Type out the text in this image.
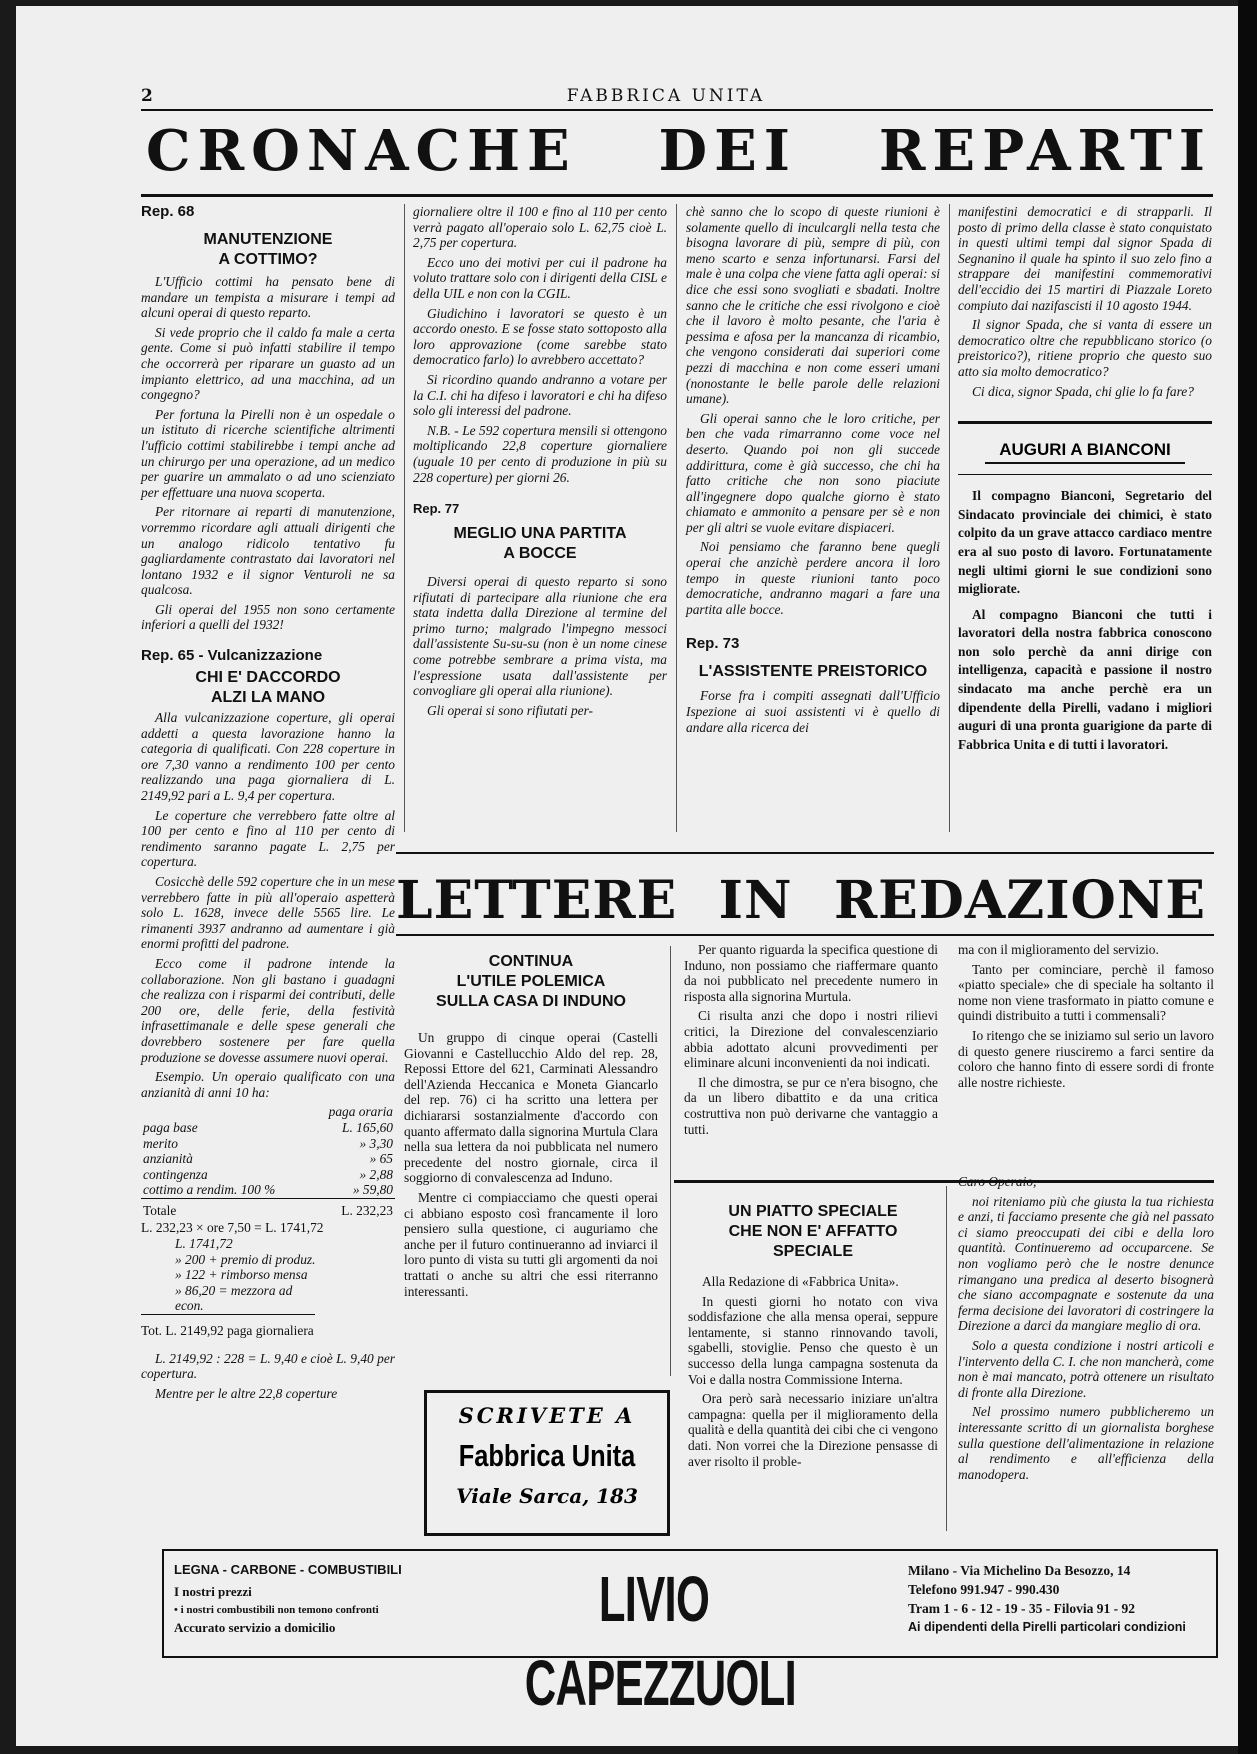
2	FABBRICA UNITA
CRONACHE DEI REPARTI
Rep. 68
MANUTENZIONE
A COTTIMO?

L'Ufficio cottimi ha pensato bene di mandare un tempista a misurare i tempi ad alcuni operai di questo reparto.

Si vede proprio che il caldo fa male a certa gente. Come si può infatti stabilire il tempo che occorrerà per riparare un guasto ad un impianto elettrico, ad una macchina, ad un congegno?

Per fortuna la Pirelli non è un ospedale o un istituto di ricerche scientifiche altrimenti l'ufficio cottimi stabilirebbe i tempi anche ad un chirurgo per una operazione, ad un medico per guarire un ammalato o ad uno scienziato per effettuare una nuova scoperta.

Per ritornare ai reparti di manutenzione, vorremmo ricordare agli attuali dirigenti che un analogo ridicolo tentativo fu gagliardamente contrastato dai lavoratori nel lontano 1932 e il signor Venturoli ne sa qualcosa.

Gli operai del 1955 non sono certamente inferiori a quelli del 1932!

Rep. 65 - Vulcanizzazione
CHI E' DACCORDO
ALZI LA MANO

Alla vulcanizzazione coperture, gli operai addetti a questa lavorazione hanno la categoria di qualificati. Con 228 coperture in ore 7,30 vanno a rendimento 100 per cento realizzando una paga giornaliera di L. 2149,92 pari a L. 9,4 per copertura.

Le coperture che verrebbero fatte oltre al 100 per cento e fino al 110 per cento di rendimento saranno pagate L. 2,75 per copertura.

Cosicchè delle 592 coperture che in un mese verrebbero fatte in più all'operaio aspetterà solo L. 1628, invece delle 5565 lire. Le rimanenti 3937 andranno ad aumentare i già enormi profitti del padrone.

Ecco come il padrone intende la collaborazione. Non gli bastano i guadagni che realizza con i risparmi dei contributi, delle 200 ore, delle ferie, della festività infrasettimanale e delle spese generali che dovrebbero sostenere per fare quella produzione se dovesse assumere nuovi operai.

Esempio. Un operaio qualificato con una anzianità di anni 10 ha:

	paga oraria
paga base	L. 165,60
merito	» 3,30
anzianità	» 65
contingenza	» 2,88
cottimo a rendim. 100 %	» 59,80
Totale	L. 232,23
L. 232,23 × ore 7,50 = L. 1741,72
L. 1741,72
» 200 + premio di produz.
» 122 + rimborso mensa
» 86,20 = mezzora ad econ.
Tot. L. 2149,92 paga giornaliera

L. 2149,92 : 228 = L. 9,40 e cioè L. 9,40 per copertura.

Mentre per le altre 22,8 coperture

giornaliere oltre il 100 e fino al 110 per cento verrà pagato all'operaio solo L. 62,75 cioè L. 2,75 per copertura.

Ecco uno dei motivi per cui il padrone ha voluto trattare solo con i dirigenti della CISL e della UIL e non con la CGIL.

Giudichino i lavoratori se questo è un accordo onesto. E se fosse stato sottoposto alla loro approvazione (come sarebbe stato democratico farlo) lo avrebbero accettato?

Si ricordino quando andranno a votare per la C.I. chi ha difeso i lavoratori e chi ha difeso solo gli interessi del padrone.

N.B. - Le 592 copertura mensili si ottengono moltiplicando 22,8 coperture giornaliere (uguale 10 per cento di produzione in più su 228 coperture) per giorni 26.

Rep. 77
MEGLIO UNA PARTITA
A BOCCE

Diversi operai di questo reparto si sono rifiutati di partecipare alla riunione che era stata indetta dalla Direzione al termine del primo turno; malgrado l'impegno messoci dall'assistente Su-su-su (non è un nome cinese come potrebbe sembrare a prima vista, ma l'espressione usata dall'assistente per convogliare gli operai alla riunione).

Gli operai si sono rifiutati per-

chè sanno che lo scopo di queste riunioni è solamente quello di inculcargli nella testa che bisogna lavorare di più, sempre di più, con meno scarto e senza infortunarsi. Farsi del male è una colpa che viene fatta agli operai: si dice che essi sono svogliati e sbadati. Inoltre sanno che le critiche che essi rivolgono e cioè che il lavoro è molto pesante, che l'aria è pessima e afosa per la mancanza di ricambio, che vengono considerati dai superiori come pezzi di macchina e non come esseri umani (nonostante le belle parole delle relazioni umane).

Gli operai sanno che le loro critiche, per ben che vada rimarranno come voce nel deserto. Quando poi non gli succede addirittura, come è già successo, che chi ha fatto critiche che non sono piaciute all'ingegnere dopo qualche giorno è stato chiamato e ammonito a pensare per sè e non per gli altri se vuole evitare dispiaceri.

Noi pensiamo che faranno bene quegli operai che anzichè perdere ancora il loro tempo in queste riunioni tanto poco democratiche, andranno magari a fare una partita alle bocce.

Rep. 73
L'ASSISTENTE PREISTORICO

Forse fra i compiti assegnati dall'Ufficio Ispezione ai suoi assistenti vi è quello di andare alla ricerca dei

manifestini democratici e di strapparli. Il posto di primo della classe è stato conquistato in questi ultimi tempi dal signor Spada di Segnanino il quale ha spinto il suo zelo fino a strappare dei manifestini commemorativi dell'eccidio dei 15 martiri di Piazzale Loreto compiuto dai nazifascisti il 10 agosto 1944.

Il signor Spada, che si vanta di essere un democratico oltre che repubblicano storico (o preistorico?), ritiene proprio che questo suo atto sia molto democratico?

Ci dica, signor Spada, chi glie lo fa fare?

AUGURI A BIANCONI

Il compagno Bianconi, Segretario del Sindacato provinciale dei chimici, è stato colpito da un grave attacco cardiaco mentre era al suo posto di lavoro. Fortunatamente negli ultimi giorni le sue condizioni sono migliorate.

Al compagno Bianconi che tutti i lavoratori della nostra fabbrica conoscono non solo perchè da anni dirige con intelligenza, capacità e passione il nostro sindacato ma anche perchè era un dipendente della Pirelli, vadano i migliori auguri di una pronta guarigione da parte di Fabbrica Unita e di tutti i lavoratori.

LETTERE IN REDAZIONE
CONTINUA
L'UTILE POLEMICA
SULLA CASA DI INDUNO

Un gruppo di cinque operai (Castelli Giovanni e Castellucchio Aldo del rep. 28, Repossi Ettore del 621, Carminati Alessandro dell'Azienda Heccanica e Moneta Giancarlo del rep. 76) ci ha scritto una lettera per dichiararsi sostanzialmente d'accordo con quanto affermato dalla signorina Murtula Clara nella sua lettera da noi pubblicata nel numero precedente del nostro giornale, circa il soggiorno di convalescenza ad Induno.

Mentre ci compiacciamo che questi operai ci abbiano esposto così francamente il loro pensiero sulla questione, ci auguriamo che anche per il futuro continueranno ad inviarci il loro punto di vista su tutti gli argomenti da noi trattati o anche su altri che essi riterranno interessanti.

Per quanto riguarda la specifica questione di Induno, non possiamo che riaffermare quanto da noi pubblicato nel precedente numero in risposta alla signorina Murtula.

Ci risulta anzi che dopo i nostri rilievi critici, la Direzione del convalescenziario abbia adottato alcuni provvedimenti per eliminare alcuni inconvenienti da noi indicati.

Il che dimostra, se pur ce n'era bisogno, che da un libero dibattito e da una critica costruttiva non può derivarne che vantaggio a tutti.

ma con il miglioramento del servizio.

Tanto per cominciare, perchè il famoso «piatto speciale» che di speciale ha soltanto il nome non viene trasformato in piatto comune e quindi distribuito a tutti i commensali?

Io ritengo che se iniziamo sul serio un lavoro di questo genere riusciremo a farci sentire da coloro che hanno finto di essere sordi di fronte alle nostre richieste.

UN PIATTO SPECIALE
CHE NON E' AFFATTO
SPECIALE

Alla Redazione di «Fabbrica Unita».

In questi giorni ho notato con viva soddisfazione che alla mensa operai, seppure lentamente, si stanno rinnovando tavoli, sgabelli, stoviglie. Penso che questo è un successo della lunga campagna sostenuta da Voi e dalla nostra Commissione Interna.

Ora però sarà necessario iniziare un'altra campagna: quella per il miglioramento della qualità e della quantità dei cibi che ci vengono dati. Non vorrei che la Direzione pensasse di aver risolto il proble-

Caro Operaio,

noi riteniamo più che giusta la tua richiesta e anzi, ti facciamo presente che già nel passato ci siamo preoccupati dei cibi e della loro quantità. Continueremo ad occuparcene. Se non vogliamo però che le nostre denunce rimangano una predica al deserto bisognerà che siano accompagnate e sostenute da una ferma decisione dei lavoratori di costringere la Direzione a darci da mangiare meglio di ora.

Solo a questa condizione i nostri articoli e l'intervento della C. I. che non mancherà, come non è mai mancato, potrà ottenere un risultato di fronte alla Direzione.

Nel prossimo numero pubblicheremo un interessante scritto di un giornalista borghese sulla questione dell'alimentazione in relazione al rendimento e all'efficienza della manodopera.

SCRIVETE A
Fabbrica Unita
Viale Sarca, 183
LEGNA - CARBONE - COMBUSTIBILI
I nostri prezzi
• i nostri combustibili non temono confronti
Accurato servizio a domicilio	LIVIO CAPEZZUOLI
Milano - Via Michelino Da Besozzo, 14
Telefono 991.947 - 990.430
Tram 1 - 6 - 12 - 19 - 35 - Filovia 91 - 92
Ai dipendenti della Pirelli particolari condizioni
